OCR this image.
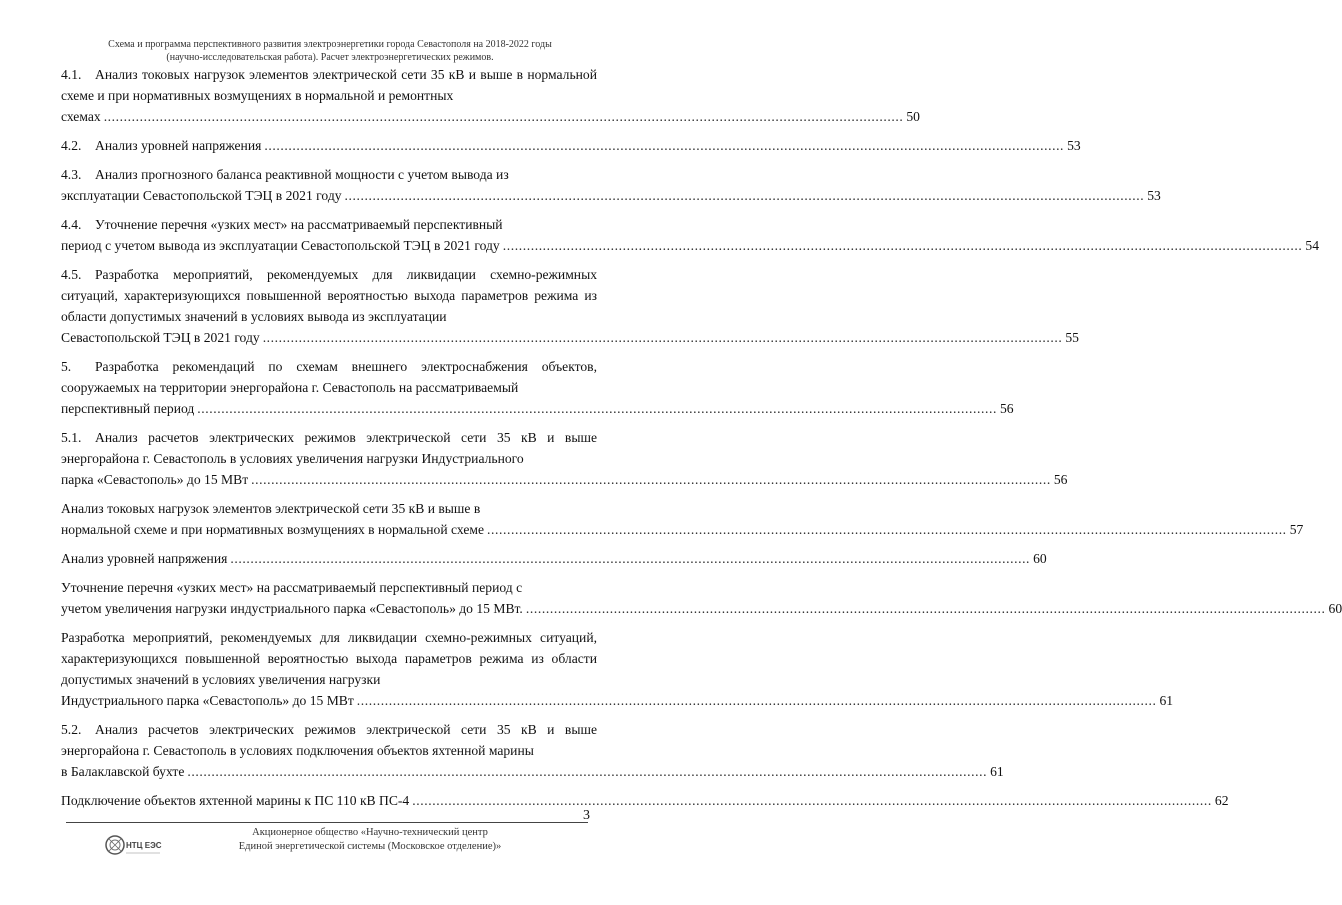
Схема и программа перспективного развития электроэнергетики города Севастополя на 2018-2022 годы
(научно-исследовательская работа). Расчет электроэнергетических режимов.
4.1. Анализ токовых нагрузок элементов электрической сети 35 кВ и выше в нормальной схеме и при нормативных возмущениях в нормальной и ремонтных
схемах ........................................................................................................................................................................................................ 50
4.2.	Анализ уровней напряжения ........................................................................................................................................................................................................ 53
4.3. Анализ прогнозного баланса реактивной мощности с учетом вывода из
эксплуатации Севастопольской ТЭЦ в 2021 году ........................................................................................................................................................................................................ 53
4.4. Уточнение перечня «узких мест» на рассматриваемый перспективный
период с учетом вывода из эксплуатации Севастопольской ТЭЦ в 2021 году ........................................................................................................................................................................................................ 54
4.5. Разработка мероприятий, рекомендуемых для ликвидации схемно-режимных ситуаций, характеризующихся повышенной вероятностью выхода параметров режима из области допустимых значений в условиях вывода из эксплуатации
Севастопольской ТЭЦ в 2021 году ........................................................................................................................................................................................................ 55
5. Разработка рекомендаций по схемам внешнего электроснабжения объектов, сооружаемых на территории энергорайона г. Севастополь на рассматриваемый
перспективный период ........................................................................................................................................................................................................ 56
5.1. Анализ расчетов электрических режимов электрической сети 35 кВ и выше энергорайона г. Севастополь в условиях увеличения нагрузки Индустриального
парка «Севастополь» до 15 МВт ........................................................................................................................................................................................................ 56
Анализ токовых нагрузок элементов электрической сети 35 кВ и выше в
нормальной схеме и при нормативных возмущениях в нормальной схеме ........................................................................................................................................................................................................ 57
Анализ уровней напряжения ........................................................................................................................................................................................................ 60
Уточнение перечня «узких мест» на рассматриваемый перспективный период с
учетом увеличения нагрузки индустриального парка «Севастополь» до 15 МВт. ........................................................................................................................................................................................................ 60
Разработка мероприятий, рекомендуемых для ликвидации схемно-режимных ситуаций, характеризующихся повышенной вероятностью выхода параметров режима из области допустимых значений в условиях увеличения нагрузки
Индустриального парка «Севастополь» до 15 МВт ........................................................................................................................................................................................................ 61
5.2. Анализ расчетов электрических режимов электрической сети 35 кВ и выше энергорайона г. Севастополь в условиях подключения объектов яхтенной марины
в Балаклавской бухте ........................................................................................................................................................................................................ 61
Подключение объектов яхтенной марины к ПС 110 кВ ПС-4 ........................................................................................................................................................................................................ 62
3
НТЦ ЕЭС
Акционерное общество «Научно-технический центр
Единой энергетической системы (Московское отделение)»
